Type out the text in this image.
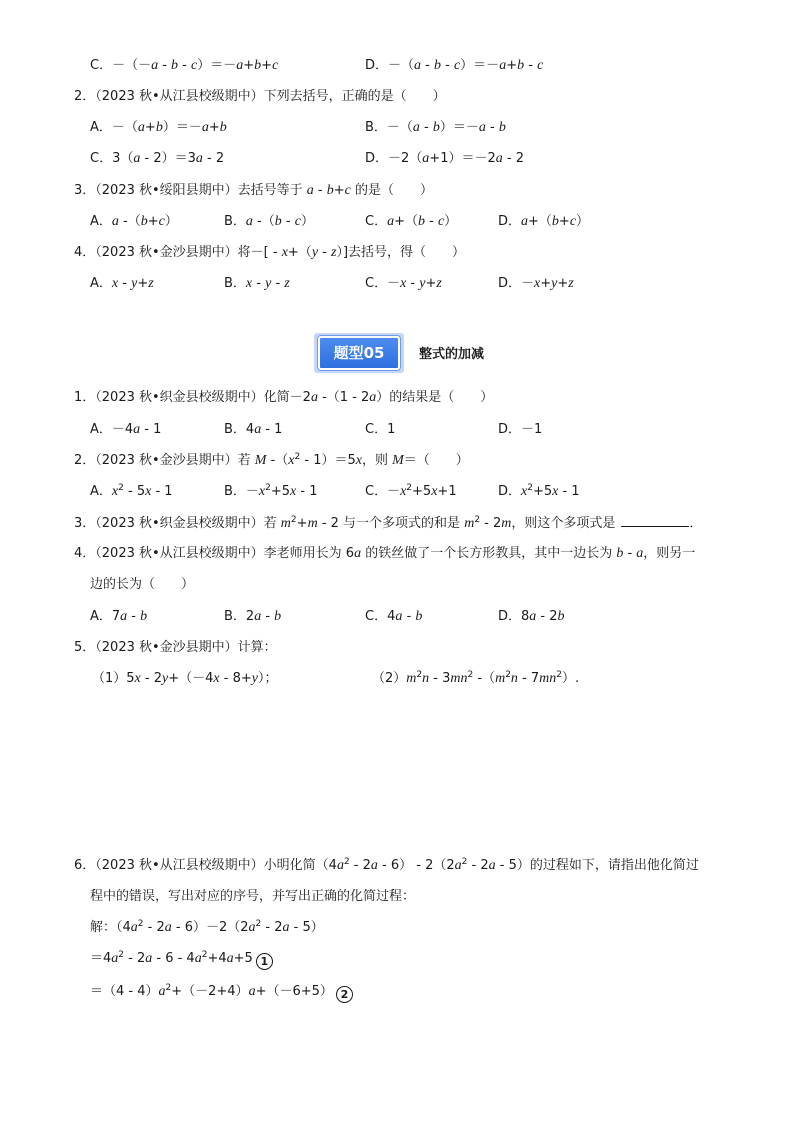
C．－（－a - b - c）＝－a+b+c	D．－（a - b - c）＝－a+b - c
2．（2023 秋•从江县校级期中）下列去括号，正确的是（　　）
A．－（a+b）＝－a+b	B．－（a - b）＝－a - b
C．3（a - 2）＝3a - 2	D．－2（a+1）＝－2a - 2
3．（2023 秋•绥阳县期中）去括号等于 a - b+c 的是（　　）
A．a -（b+c）	B．a -（b - c）	C．a+（b - c）	D．a+（b+c）
4．（2023 秋•金沙县期中）将－[ - x+（y - z）]去括号，得（　　）
A．x - y+z	B．x - y - z	C．－x - y+z	D．－x+y+z
题型05	整式的加减
1．（2023 秋•织金县校级期中）化简－2a -（1 - 2a）的结果是（　　）
A．－4a - 1	B．4a - 1	C．1	D．－1
2．（2023 秋•金沙县期中）若 M $-(x^2 - 1)=5x$，则 M＝（　　）
A．$x^2 - 5x - 1$	B．$-x^2+5x - 1$	C．$-x^2+5x+1$	D．$x^2+5x - 1$
3．（2023 秋•织金县校级期中）若 $m^2+m - 2$ 与一个多项式的和是 $m^2 - 2m$，则这个多项式是	．
4．（2023 秋•从江县校级期中）李老师用长为 6a 的铁丝做了一个长方形教具，其中一边长为 b - a，则另一
边的长为（　　）
A．7a - b	B．2a - b	C．4a - b	D．8a - 2b
5．（2023 秋•金沙县期中）计算：
（1）5x - 2y+（－4x - 8+y）；	$(2)m^2n - 3mn^2$ $-(m^2n - 7mn^2)$.
6．（2023 秋•从江县校级期中）小明化简$(4a^2 - 2a - 6) - 2(2a^2 - 2a - 5)$的过程如下，请指出他化简过
程中的错误，写出对应的序号，并写出正确的化简过程：
解：$(4a^2 - 2a - 6)-2(2a^2 - 2a - 5)$
$=4a^2 - 2a - 6 - 4a^2+4a+5$ 1
$=(4 - 4)a^2+(-2+4)a+(-6+5)$ 2
